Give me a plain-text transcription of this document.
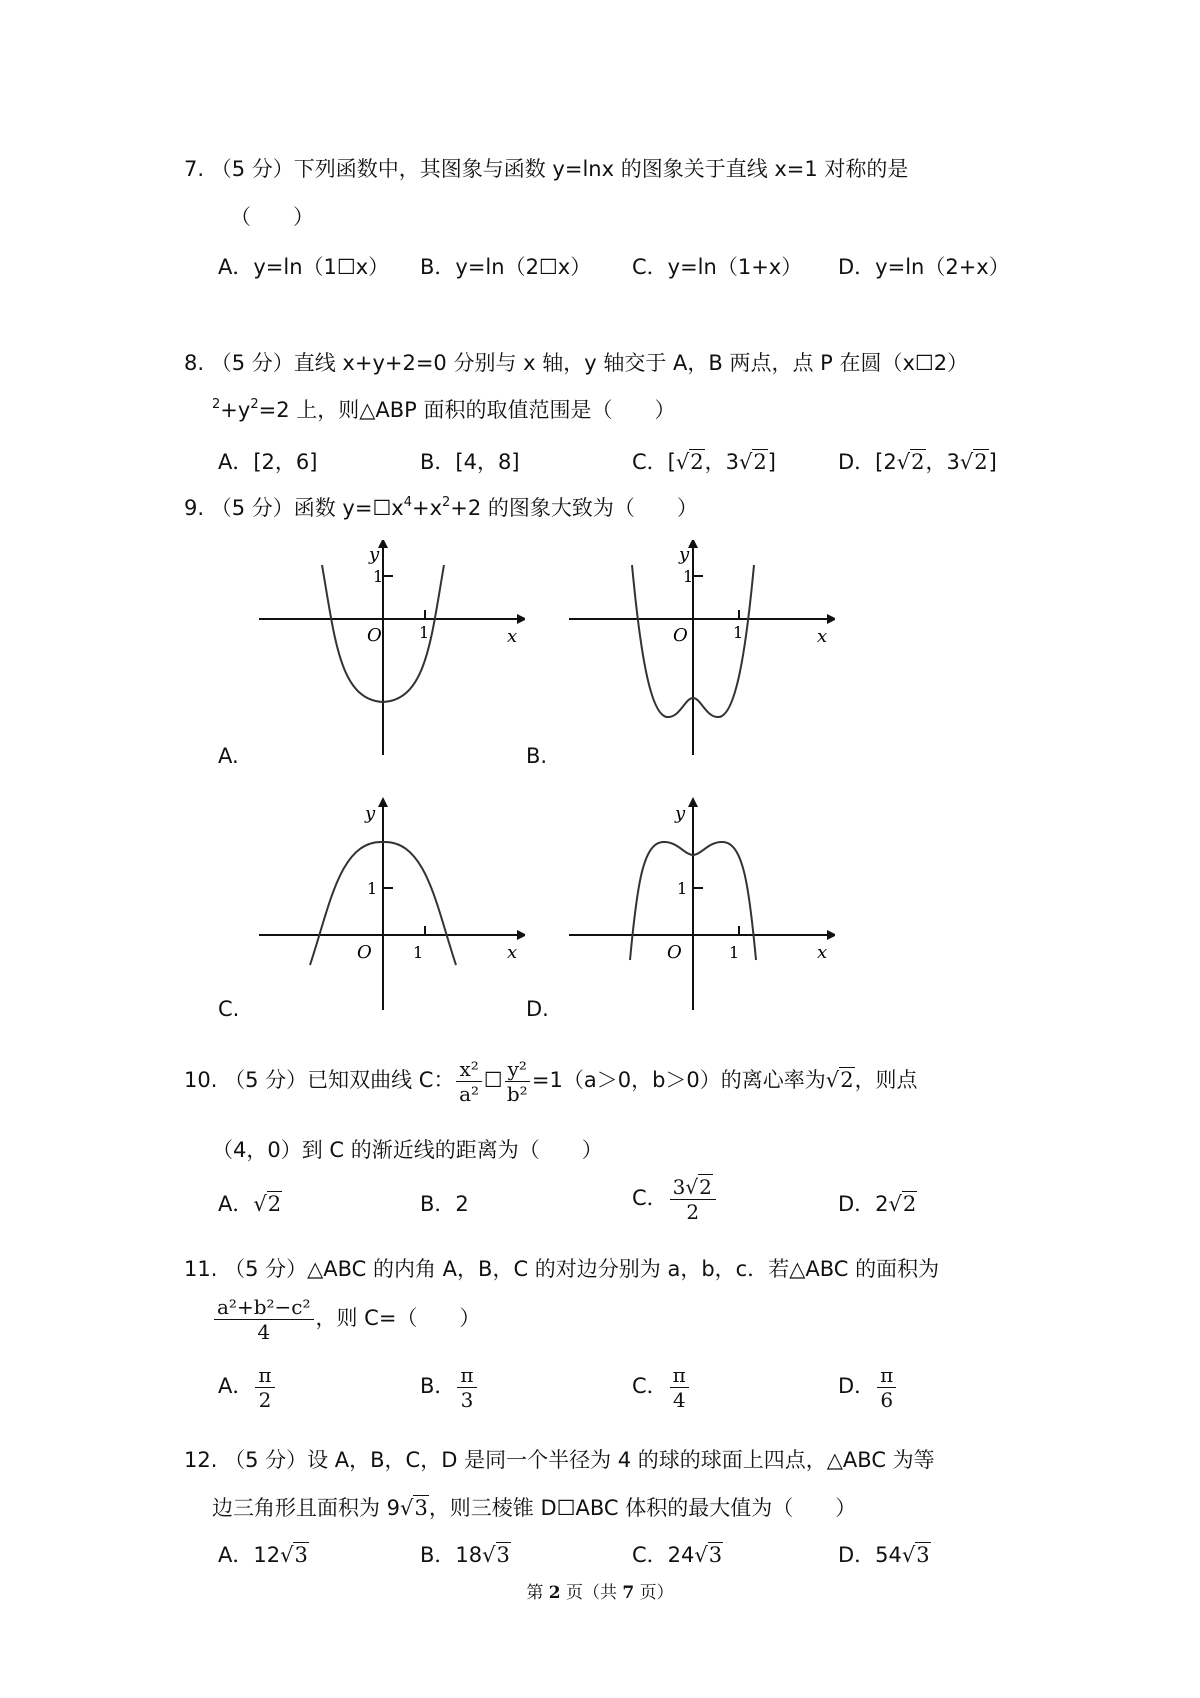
7. （5 分）下列函数中，其图象与函数 y=lnx 的图象关于直线 x=1 对称的是
（　　）
A．y=ln（1☐x） B．y=ln（2☐x） C．y=ln（1+x） D．y=ln（2+x）
8. （5 分）直线 x+y+2=0 分别与 x 轴，y 轴交于 A，B 两点，点 P 在圆（x☐2）
$^2+y^2=2$ 上，则△ABP 面积的取值范围是（　　）
A．[2，6]	B．[4，8]	C．[√2，3√2]	D．[2√2，3√2]
9. （5 分）函数 $y=☐x^4+x^2+2$ 的图象大致为（　　）
y
1
O 1	x
A.
y
1
O	1	x
B.
y
1
O	1	x
C.
y
1
O	1	x
D.
10. （5 分）已知双曲线 C： $\frac{\text{x²}}{\text{a²}}$ ☐ $\frac{\text{y²}}{\text{b²}} =1(a>0$，b＞0）的离心率为√2，则点
（4，0）到 C 的渐近线的距离为（　　）
A．√2	B．2	C． $\frac{3√2}{2}$	D．2√2
11. （5 分）△ABC 的内角 A，B，C 的对边分别为 a，b，c．若△ABC 的面积为
$\frac{\text{a²+b²−c²}}{4}$ ，则 C=（　　）
A． $\frac{\pi}{2}$	B． $\frac{\pi}{3}$	C． $\frac{\pi}{4}$	D． $\frac{\pi}{6}$
12. （5 分）设 A，B，C，D 是同一个半径为 4 的球的球面上四点，△ABC 为等
边三角形且面积为 9√3，则三棱锥 D☐ABC 体积的最大值为（　　）
A．12√3	B．18√3	C．24√3	D．54√3
第 2 页（共 7 页）
